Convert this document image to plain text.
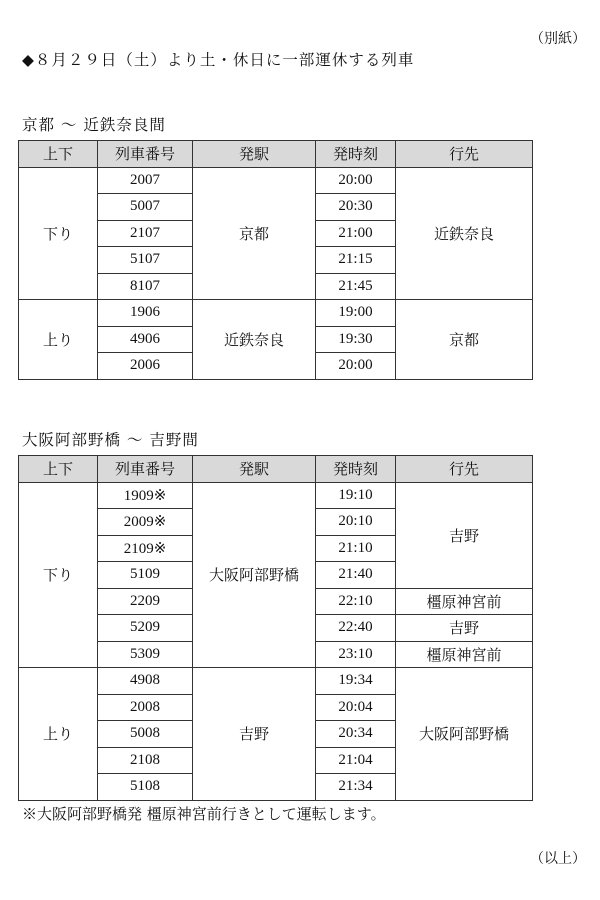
（別紙）
◆８月２９日（土）より土・休日に一部運休する列車
京都 ～ 近鉄奈良間
上下	列車番号	発駅	発時刻	行先
下り	2007	京都	20:00	近鉄奈良
	5007		20:30	
	2107		21:00	
	5107		21:15	
	8107		21:45	
上り	1906	近鉄奈良	19:00	京都
	4906		19:30	
	2006		20:00	
大阪阿部野橋 ～ 吉野間
上下	列車番号	発駅	発時刻	行先
下り	1909※	大阪阿部野橋	19:10	吉野
	2009※		20:10	
	2109※		21:10	
	5109		21:40	
	2209		22:10	橿原神宮前
	5209		22:40	吉野
	5309		23:10	橿原神宮前
上り	4908	吉野	19:34	大阪阿部野橋
	2008		20:04	
	5008		20:34	
	2108		21:04	
	5108		21:34	
※大阪阿部野橋発 橿原神宮前行きとして運転します。
（以上）
